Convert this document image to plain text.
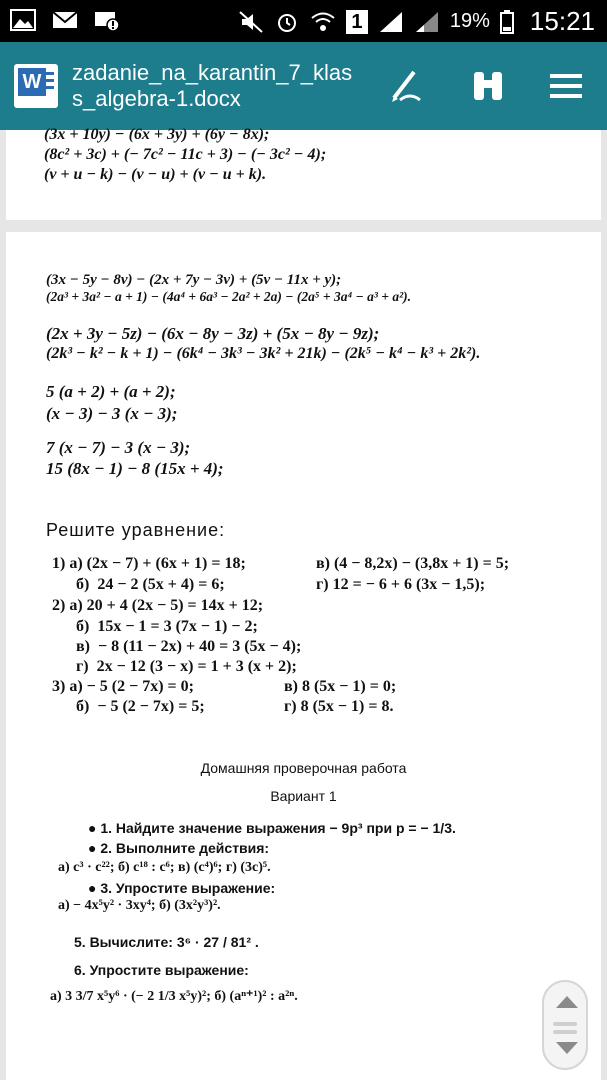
1	19% 15:21
W zadanie_na_karantin_7_klass_algebra-1.docx
(3x + 10y) − (6x + 3y) + (6y − 8x);
(8c² + 3c) + (− 7c² − 11c + 3) − (− 3c² − 4);
(v + u − k) − (v − u) + (v − u + k).
(3x − 5y − 8v) − (2x + 7y − 3v) + (5v − 11x + y);
(2a³ + 3a² − a + 1) − (4a⁴ + 6a³ − 2a² + 2a) − (2a⁵ + 3a⁴ − a³ + a²).
(2x + 3y − 5z) − (6x − 8y − 3z) + (5x − 8y − 9z);
(2k³ − k² − k + 1) − (6k⁴ − 3k³ − 3k² + 21k) − (2k⁵ − k⁴ − k³ + 2k²).
5 (a + 2) + (a + 2);
(x − 3) − 3 (x − 3);
7 (x − 7) − 3 (x − 3);
15 (8x − 1) − 8 (15x + 4);
Решите уравнение:
1) а) (2x − 7) + (6x + 1) = 18;	в) (4 − 8,2x) − (3,8x + 1) = 5;
б)  24 − 2 (5x + 4) = 6;	г) 12 = − 6 + 6 (3x − 1,5);
2) а) 20 + 4 (2x − 5) = 14x + 12;
б)  15x − 1 = 3 (7x − 1) − 2;
в)  − 8 (11 − 2x) + 40 = 3 (5x − 4);
г)  2x − 12 (3 − x) = 1 + 3 (x + 2);
3) а) − 5 (2 − 7x) = 0;	в) 8 (5x − 1) = 0;
б)  − 5 (2 − 7x) = 5;	г) 8 (5x − 1) = 8.
Домашняя проверочная работа
Вариант 1
● 1. Найдите значение выражения − 9p³ при p = − 1/3.
● 2. Выполните действия:
а) c³ · c²²; б) c¹⁸ : c⁶; в) (c⁴)⁶; г) (3c)⁵.
● 3. Упростите выражение:
а) − 4x⁵y² · 3xy⁴; б) (3x²y³)².
5. Вычислите: 3⁶ · 27 / 81² .
6. Упростите выражение:
а) 3 3/7 x⁵y⁶ · (− 2 1/3 x⁵y)²; б) (aⁿ⁺¹)² : a²ⁿ.
